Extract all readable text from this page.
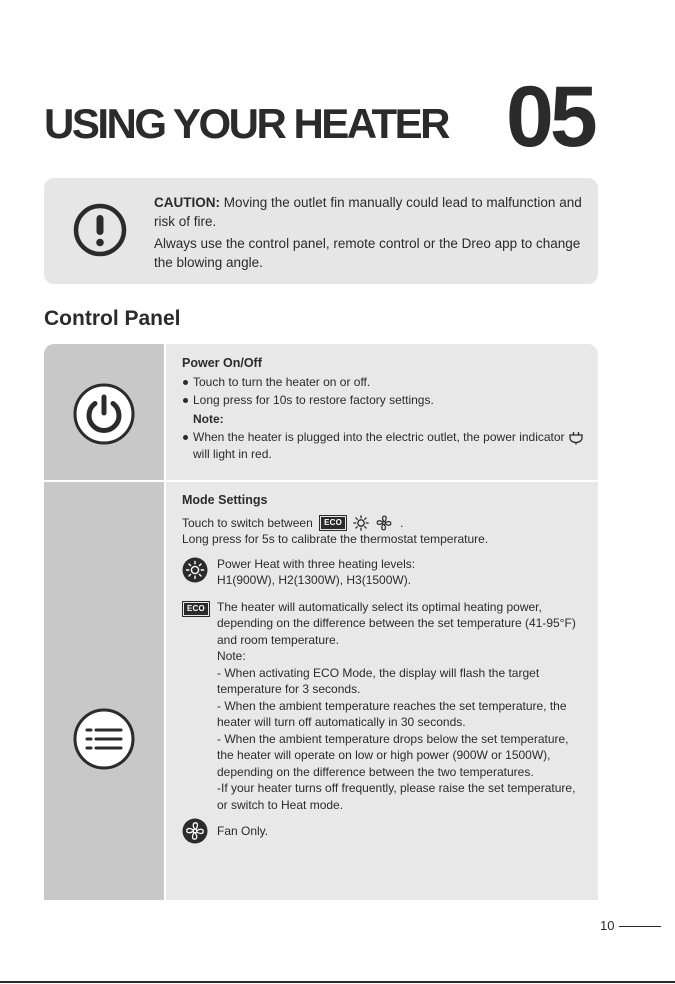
USING YOUR HEATER 05

CAUTION: Moving the outlet fin manually could lead to malfunction and risk of fire.

Always use the control panel, remote control or the Dreo app to change the blowing angle.

Control Panel
Power On/Off
Touch to turn the heater on or off.
Long press for 10s to restore factory settings.
Note:
When the heater is plugged into the electric outlet, the power indicator  will light in red.
Mode Settings
Touch to switch between ECO	.
Long press for 5s to calibrate the thermostat temperature.
Power Heat with three heating levels:
H1(900W), H2(1300W), H3(1500W).
ECO The heater will automatically select its optimal heating power, depending on the difference between the set temperature (41-95°F) and room temperature.
Note:
- When activating ECO Mode, the display will flash the target temperature for 3 seconds.
- When the ambient temperature reaches the set temperature, the heater will turn off automatically in 30 seconds.
- When the ambient temperature drops below the set temperature, the heater will operate on low or high power (900W or 1500W), depending on the difference between the two temperatures.
-If your heater turns off frequently, please raise the set temperature, or switch to Heat mode.
Fan Only.
10
